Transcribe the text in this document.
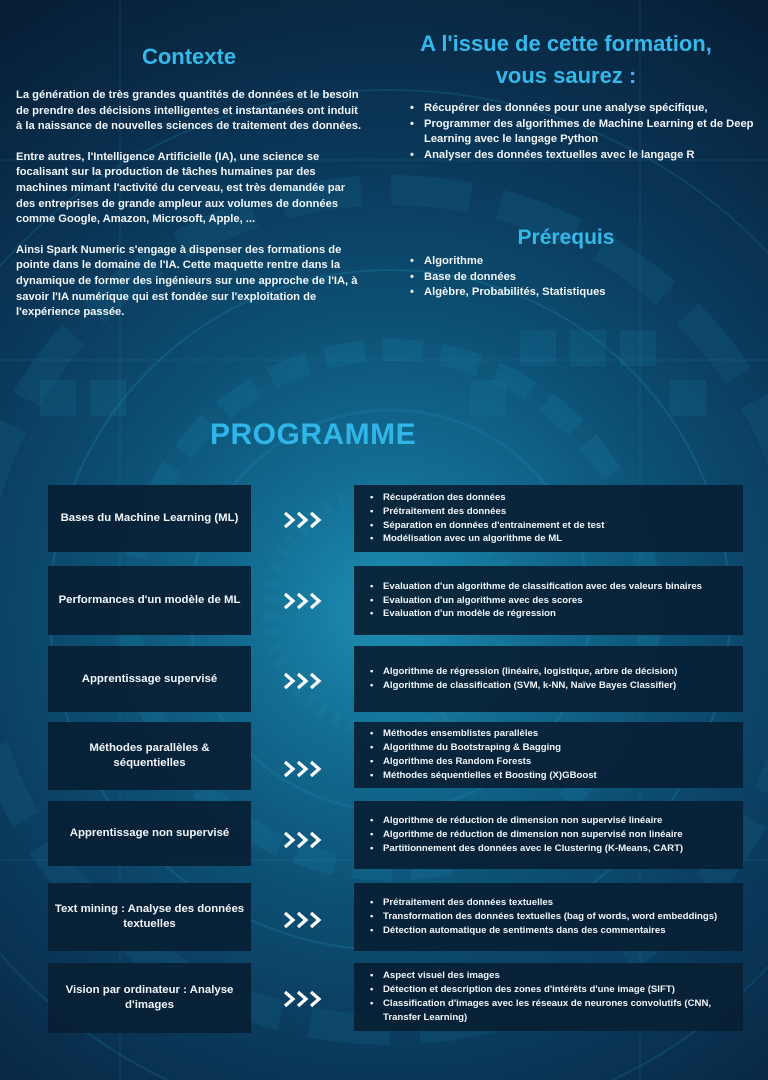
Contexte

La génération de très grandes quantités de données et le besoin de prendre des décisions intelligentes et instantanées ont induit à la naissance de nouvelles sciences de traitement des données.

Entre autres, l'Intelligence Artificielle (IA), une science se focalisant sur la production de tâches humaines par des machines mimant l'activité du cerveau, est très demandée par des entreprises de grande ampleur aux volumes de données comme Google, Amazon, Microsoft, Apple, ...

Ainsi Spark Numeric s'engage à dispenser des formations de pointe dans le domaine de l'IA. Cette maquette rentre dans la dynamique de former des ingénieurs sur une approche de l'IA, à savoir l'IA numérique qui est fondée sur l'exploitation de l'expérience passée.

A l'issue de cette formation,
vous saurez :
• Récupérer des données pour une analyse spécifique,
• Programmer des algorithmes de Machine Learning et de Deep Learning avec le langage Python
• Analyser des données textuelles avec le langage R
Prérequis
• Algorithme
• Base de données
• Algèbre, Probabilités, Statistiques
PROGRAMME
Bases du Machine Learning (ML)
• Récupération des données
• Prétraitement des données
• Séparation en données d'entrainement et de test
• Modélisation avec un algorithme de ML
Performances d'un modèle de ML
• Evaluation d'un algorithme de classification avec des valeurs binaires
• Evaluation d'un algorithme avec des scores
• Evaluation d'un modèle de régression
Apprentissage supervisé
• Algorithme de régression (linéaire, logistique, arbre de décision)
• Algorithme de classification (SVM, k-NN, Naïve Bayes Classifier)
Méthodes parallèles & séquentielles
• Méthodes ensemblistes parallèles
• Algorithme du Bootstraping & Bagging
• Algorithme des Random Forests
• Méthodes séquentielles et Boosting (X)GBoost
Apprentissage non supervisé
• Algorithme de réduction de dimension non supervisé linéaire
• Algorithme de réduction de dimension non supervisé non linéaire
• Partitionnement des données avec le Clustering (K-Means, CART)
Text mining : Analyse des données textuelles
• Prétraitement des données textuelles
• Transformation des données textuelles (bag of words, word embeddings)
• Détection automatique de sentiments dans des commentaires
Vision par ordinateur : Analyse d'images
• Aspect visuel des images
• Détection et description des zones d'intérêts d'une image (SIFT)
• Classification d'images avec les réseaux de neurones convolutifs (CNN, Transfer Learning)
